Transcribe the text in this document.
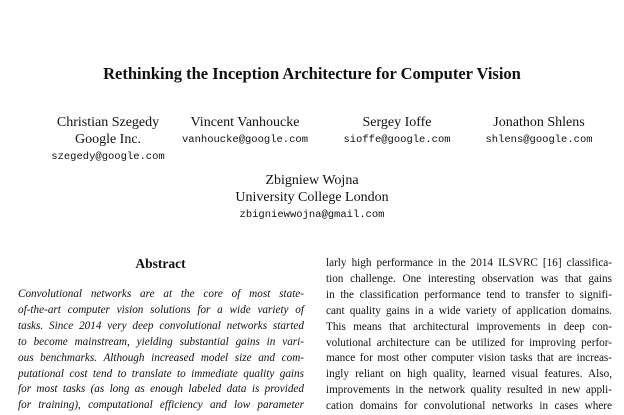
Rethinking the Inception Architecture for Computer Vision
Christian Szegedy
Google Inc.
szegedy@google.com
Vincent Vanhoucke
vanhoucke@google.com
Sergey Ioffe
sioffe@google.com
Jonathon Shlens
shlens@google.com
Zbigniew Wojna
University College London
zbigniewwojna@gmail.com
Abstract
Convolutional networks are at the core of most state-
of-the-art computer vision solutions for a wide variety of
tasks. Since 2014 very deep convolutional networks started
to become mainstream, yielding substantial gains in vari-
ous benchmarks. Although increased model size and com-
putational cost tend to translate to immediate quality gains
for most tasks (as long as enough labeled data is provided
for training), computational efficiency and low parameter
larly high performance in the 2014 ILSVRC [16] classifica-
tion challenge. One interesting observation was that gains
in the classification performance tend to transfer to signifi-
cant quality gains in a wide variety of application domains.
This means that architectural improvements in deep con-
volutional architecture can be utilized for improving perfor-
mance for most other computer vision tasks that are increas-
ingly reliant on high quality, learned visual features. Also,
improvements in the network quality resulted in new appli-
cation domains for convolutional networks in cases where
